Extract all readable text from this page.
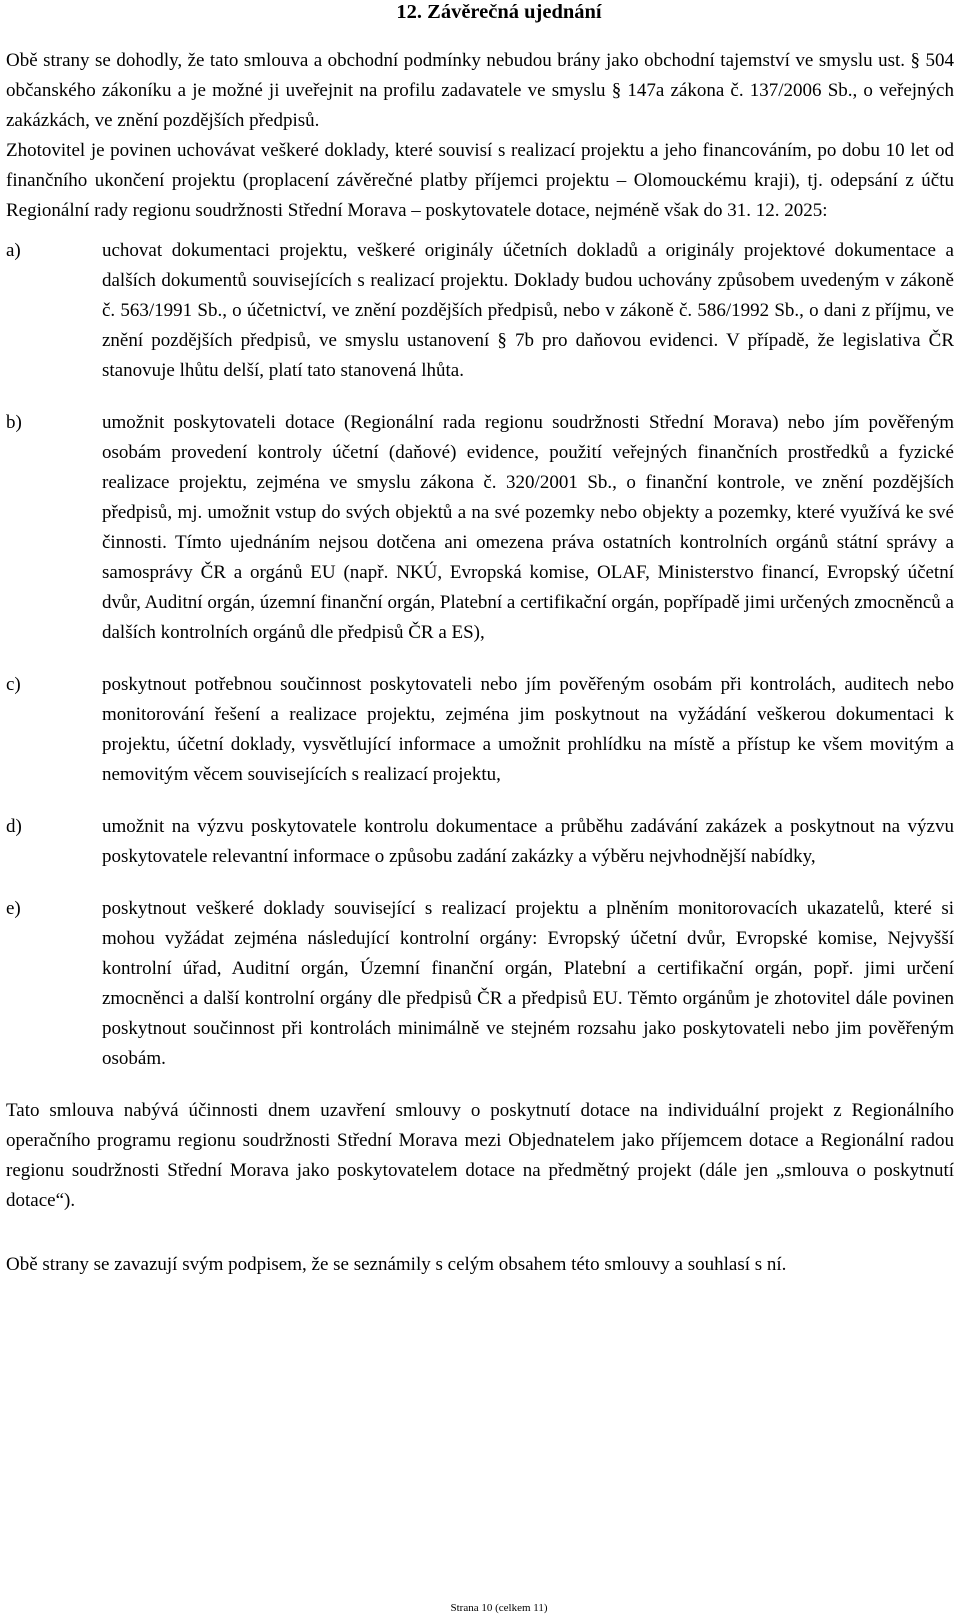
12. Závěrečná ujednání

Obě strany se dohodly, že tato smlouva a obchodní podmínky nebudou brány jako obchodní tajemství ve smyslu ust. § 504 občanského zákoníku a je možné ji uveřejnit na profilu zadavatele ve smyslu § 147a zákona č. 137/2006 Sb., o veřejných zakázkách, ve znění pozdějších předpisů.

Zhotovitel je povinen uchovávat veškeré doklady, které souvisí s realizací projektu a jeho financováním, po dobu 10 let od finančního ukončení projektu (proplacení závěrečné platby příjemci projektu – Olomouckému kraji), tj. odepsání z účtu Regionální rady regionu soudržnosti Střední Morava – poskytovatele dotace, nejméně však do 31. 12. 2025:

a)	uchovat dokumentaci projektu, veškeré originály účetních dokladů a originály projektové dokumentace a dalších dokumentů souvisejících s realizací projektu. Doklady budou uchovány způsobem uvedeným v zákoně č. 563/1991 Sb., o účetnictví, ve znění pozdějších předpisů, nebo v zákoně č. 586/1992 Sb., o dani z příjmu, ve znění pozdějších předpisů, ve smyslu ustanovení § 7b pro daňovou evidenci. V případě, že legislativa ČR stanovuje lhůtu delší, platí tato stanovená lhůta.
b)	umožnit poskytovateli dotace (Regionální rada regionu soudržnosti Střední Morava) nebo jím pověřeným osobám provedení kontroly účetní (daňové) evidence, použití veřejných finančních prostředků a fyzické realizace projektu, zejména ve smyslu zákona č. 320/2001 Sb., o finanční kontrole, ve znění pozdějších předpisů, mj. umožnit vstup do svých objektů a na své pozemky nebo objekty a pozemky, které využívá ke své činnosti. Tímto ujednáním nejsou dotčena ani omezena práva ostatních kontrolních orgánů státní správy a samosprávy ČR a orgánů EU (např. NKÚ, Evropská komise, OLAF, Ministerstvo financí, Evropský účetní dvůr, Auditní orgán, územní finanční orgán, Platební a certifikační orgán, popřípadě jimi určených zmocněnců a dalších kontrolních orgánů dle předpisů ČR a ES),
c)	poskytnout potřebnou součinnost poskytovateli nebo jím pověřeným osobám při kontrolách, auditech nebo monitorování řešení a realizace projektu, zejména jim poskytnout na vyžádání veškerou dokumentaci k projektu, účetní doklady, vysvětlující informace a umožnit prohlídku na místě a přístup ke všem movitým a nemovitým věcem souvisejících s realizací projektu,
d)	umožnit na výzvu poskytovatele kontrolu dokumentace a průběhu zadávání zakázek a poskytnout na výzvu poskytovatele relevantní informace o způsobu zadání zakázky a výběru nejvhodnější nabídky,
e)	poskytnout veškeré doklady související s realizací projektu a plněním monitorovacích ukazatelů, které si mohou vyžádat zejména následující kontrolní orgány: Evropský účetní dvůr, Evropské komise, Nejvyšší kontrolní úřad, Auditní orgán, Územní finanční orgán, Platební a certifikační orgán, popř. jimi určení zmocněnci a další kontrolní orgány dle předpisů ČR a předpisů EU. Těmto orgánům je zhotovitel dále povinen poskytnout součinnost při kontrolách minimálně ve stejném rozsahu jako poskytovateli nebo jim pověřeným osobám.

Tato smlouva nabývá účinnosti dnem uzavření smlouvy o poskytnutí dotace na individuální projekt z Regionálního operačního programu regionu soudržnosti Střední Morava mezi Objednatelem jako příjemcem dotace a Regionální radou regionu soudržnosti Střední Morava jako poskytovatelem dotace na předmětný projekt (dále jen „smlouva o poskytnutí dotace“).

Obě strany se zavazují svým podpisem, že se seznámily s celým obsahem této smlouvy a souhlasí s ní.

Strana 10 (celkem 11)
